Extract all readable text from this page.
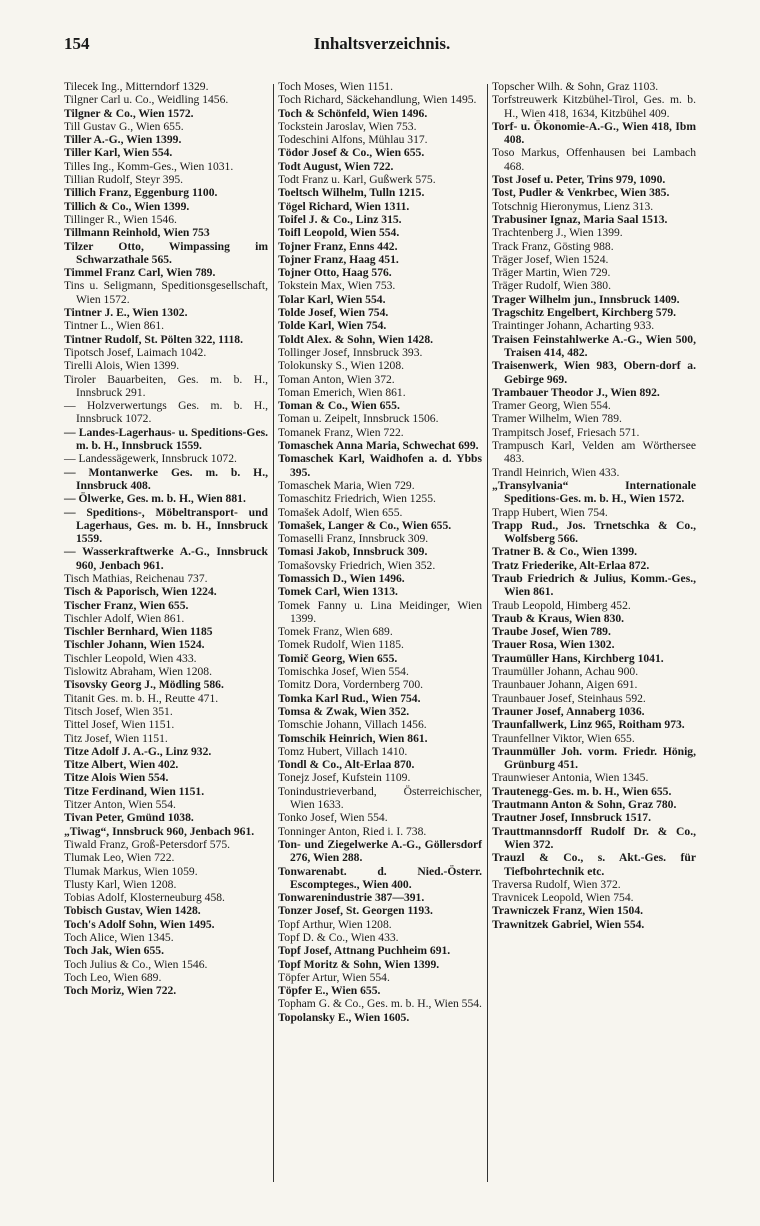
154	Inhaltsverzeichnis.
Tilecek Ing., Mitterndorf 1329.
Tilgner Carl u. Co., Weidling 1456.
Tilgner & Co., Wien 1572.
Till Gustav G., Wien 655.
Tiller A.-G., Wien 1399.
Tiller Karl, Wien 554.
Tilles Ing., Komm-Ges., Wien 1031.
Tillian Rudolf, Steyr 395.
Tillich Franz, Eggenburg 1100.
Tillich & Co., Wien 1399.
Tillinger R., Wien 1546.
Tillmann Reinhold, Wien 753
Tilzer Otto, Wimpassing im Schwarzathale 565.
Timmel Franz Carl, Wien 789.
Tins u. Seligmann, Speditionsgesellschaft, Wien 1572.
Tintner J. E., Wien 1302.
Tintner L., Wien 861.
Tintner Rudolf, St. Pölten 322, 1118.
Tipotsch Josef, Laimach 1042.
Tirelli Alois, Wien 1399.
Tiroler Bauarbeiten, Ges. m. b. H., Innsbruck 291.
— Holzverwertungs Ges. m. b. H., Innsbruck 1072.
— Landes-Lagerhaus- u. Speditions-Ges. m. b. H., Innsbruck 1559.
— Landessägewerk, Innsbruck 1072.
— Montanwerke Ges. m. b. H., Innsbruck 408.
— Ölwerke, Ges. m. b. H., Wien 881.
— Speditions-, Möbeltransport- und Lagerhaus, Ges. m. b. H., Innsbruck 1559.
— Wasserkraftwerke A.-G., Innsbruck 960, Jenbach 961.
Tisch Mathias, Reichenau 737.
Tisch & Paporisch, Wien 1224.
Tischer Franz, Wien 655.
Tischler Adolf, Wien 861.
Tischler Bernhard, Wien 1185
Tischler Johann, Wien 1524.
Tischler Leopold, Wien 433.
Tislowitz Abraham, Wien 1208.
Tisovsky Georg J., Mödling 586.
Titanit Ges. m. b. H., Reutte 471.
Titsch Josef, Wien 351.
Tittel Josef, Wien 1151.
Titz Josef, Wien 1151.
Titze Adolf J. A.-G., Linz 932.
Titze Albert, Wien 402.
Titze Alois Wien 554.
Titze Ferdinand, Wien 1151.
Titzer Anton, Wien 554.
Tivan Peter, Gmünd 1038.
„Tiwag“, Innsbruck 960, Jenbach 961.
Tiwald Franz, Groß-Petersdorf 575.
Tlumak Leo, Wien 722.
Tlumak Markus, Wien 1059.
Tlusty Karl, Wien 1208.
Tobias Adolf, Klosterneuburg 458.
Tobisch Gustav, Wien 1428.
Toch's Adolf Sohn, Wien 1495.
Toch Alice, Wien 1345.
Toch Jak, Wien 655.
Toch Julius & Co., Wien 1546.
Toch Leo, Wien 689.
Toch Moriz, Wien 722.
Toch Moses, Wien 1151.
Toch Richard, Säckehandlung, Wien 1495.
Toch & Schönfeld, Wien 1496.
Tockstein Jaroslav, Wien 753.
Todeschini Alfons, Mühlau 317.
Tödor Josef & Co., Wien 655.
Todt August, Wien 722.
Todt Franz u. Karl, Gußwerk 575.
Toeltsch Wilhelm, Tulln 1215.
Tögel Richard, Wien 1311.
Toifel J. & Co., Linz 315.
Toifl Leopold, Wien 554.
Tojner Franz, Enns 442.
Tojner Franz, Haag 451.
Tojner Otto, Haag 576.
Tokstein Max, Wien 753.
Tolar Karl, Wien 554.
Tolde Josef, Wien 754.
Tolde Karl, Wien 754.
Toldt Alex. & Sohn, Wien 1428.
Tollinger Josef, Innsbruck 393.
Tolokunsky S., Wien 1208.
Toman Anton, Wien 372.
Toman Emerich, Wien 861.
Toman & Co., Wien 655.
Toman u. Zeipelt, Innsbruck 1506.
Tomanek Franz, Wien 722.
Tomaschek Anna Maria, Schwechat 699.
Tomaschek Karl, Waidhofen a. d. Ybbs 395.
Tomaschek Maria, Wien 729.
Tomaschitz Friedrich, Wien 1255.
Tomašek Adolf, Wien 655.
Tomašek, Langer & Co., Wien 655.
Tomaselli Franz, Innsbruck 309.
Tomasi Jakob, Innsbruck 309.
Tomašovsky Friedrich, Wien 352.
Tomassich D., Wien 1496.
Tomek Carl, Wien 1313.
Tomek Fanny u. Lina Meidinger, Wien 1399.
Tomek Franz, Wien 689.
Tomek Rudolf, Wien 1185.
Tomič Georg, Wien 655.
Tomischka Josef, Wien 554.
Tomitz Dora, Vordernberg 700.
Tomka Karl Rud., Wien 754.
Tomsa & Zwak, Wien 352.
Tomschie Johann, Villach 1456.
Tomschik Heinrich, Wien 861.
Tomz Hubert, Villach 1410.
Tondl & Co., Alt-Erlaa 870.
Tonejz Josef, Kufstein 1109.
Tonindustrieverband, Österreichischer, Wien 1633.
Tonko Josef, Wien 554.
Tonninger Anton, Ried i. I. 738.
Ton- und Ziegelwerke A.-G., Göllersdorf 276, Wien 288.
Tonwarenabt. d. Nied.-Österr. Escompteges., Wien 400.
Tonwarenindustrie 387—391.
Tonzer Josef, St. Georgen 1193.
Topf Arthur, Wien 1208.
Topf D. & Co., Wien 433.
Topf Josef, Attnang Puchheim 691.
Topf Moritz & Sohn, Wien 1399.
Töpfer Artur, Wien 554.
Töpfer E., Wien 655.
Topham G. & Co., Ges. m. b. H., Wien 554.
Topolansky E., Wien 1605.
Topscher Wilh. & Sohn, Graz 1103.
Torfstreuwerk Kitzbühel-Tirol, Ges. m. b. H., Wien 418, 1634, Kitzbühel 409.
Torf- u. Ökonomie-A.-G., Wien 418, Ibm 408.
Toso Markus, Offenhausen bei Lambach 468.
Tost Josef u. Peter, Trins 979, 1090.
Tost, Pudler & Venkrbec, Wien 385.
Totschnig Hieronymus, Lienz 313.
Trabusiner Ignaz, Maria Saal 1513.
Trachtenberg J., Wien 1399.
Track Franz, Gösting 988.
Träger Josef, Wien 1524.
Träger Martin, Wien 729.
Träger Rudolf, Wien 380.
Trager Wilhelm jun., Innsbruck 1409.
Tragschitz Engelbert, Kirchberg 579.
Traintinger Johann, Acharting 933.
Traisen Feinstahlwerke A.-G., Wien 500, Traisen 414, 482.
Traisenwerk, Wien 983, Obern-dorf a. Gebirge 969.
Trambauer Theodor J., Wien 892.
Tramer Georg, Wien 554.
Tramer Wilhelm, Wien 789.
Trampitsch Josef, Friesach 571.
Trampusch Karl, Velden am Wörthersee 483.
Trandl Heinrich, Wien 433.
„Transylvania“ Internationale Speditions-Ges. m. b. H., Wien 1572.
Trapp Hubert, Wien 754.
Trapp Rud., Jos. Trnetschka & Co., Wolfsberg 566.
Tratner B. & Co., Wien 1399.
Tratz Friederike, Alt-Erlaa 872.
Traub Friedrich & Julius, Komm.-Ges., Wien 861.
Traub Leopold, Himberg 452.
Traub & Kraus, Wien 830.
Traube Josef, Wien 789.
Trauer Rosa, Wien 1302.
Traumüller Hans, Kirchberg 1041.
Traumüller Johann, Achau 900.
Traunbauer Johann, Aigen 691.
Traunbauer Josef, Steinhaus 592.
Trauner Josef, Annaberg 1036.
Traunfallwerk, Linz 965, Roitham 973.
Traunfellner Viktor, Wien 655.
Traunmüller Joh. vorm. Friedr. Hönig, Grünburg 451.
Traunwieser Antonia, Wien 1345.
Trautenegg-Ges. m. b. H., Wien 655.
Trautmann Anton & Sohn, Graz 780.
Trautner Josef, Innsbruck 1517.
Trauttmannsdorff Rudolf Dr. & Co., Wien 372.
Trauzl & Co., s. Akt.-Ges. für Tiefbohrtechnik etc.
Traversa Rudolf, Wien 372.
Travnicek Leopold, Wien 754.
Trawniczek Franz, Wien 1504.
Trawnitzek Gabriel, Wien 554.
